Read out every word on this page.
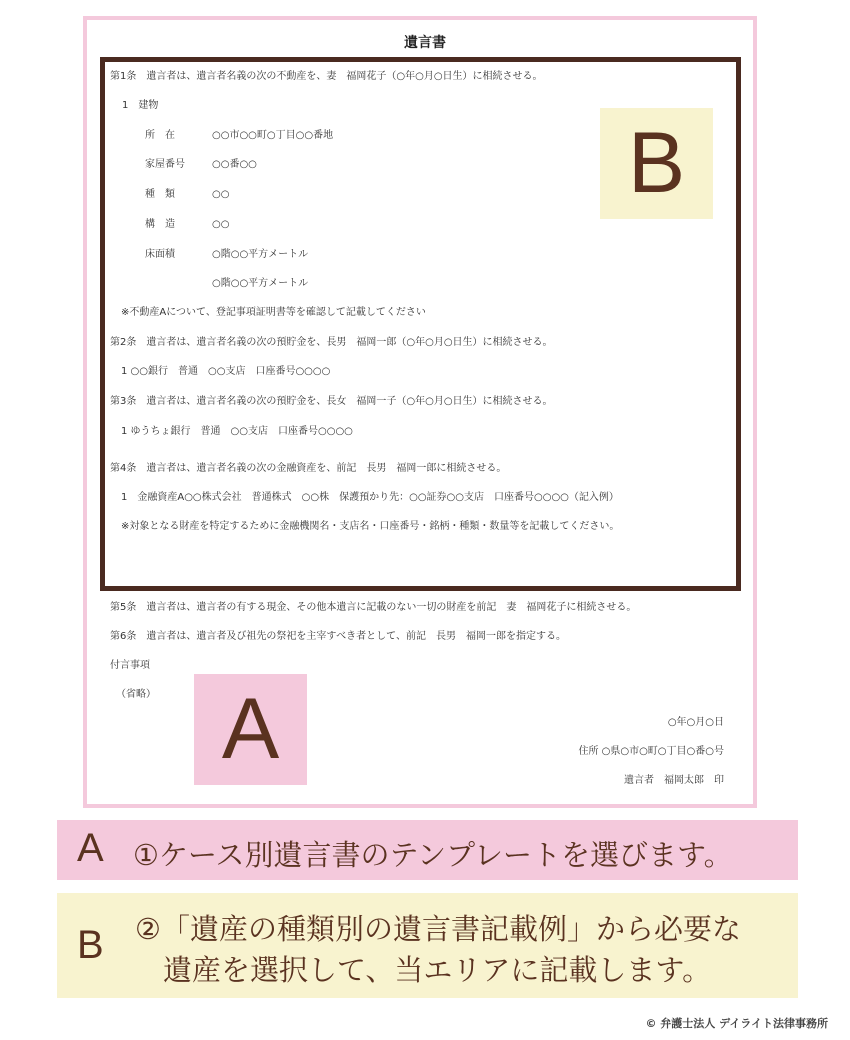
遺言書
第1条　遺言者は、遺言者名義の次の不動産を、妻　福岡花子（○年○月○日生）に相続させる。
1　建物
所　在	○○市○○町○丁目○○番地
家屋番号	○○番○○
種　類	○○
構　造	○○
床面積	○階○○平方メートル
○階○○平方メートル
※不動産Aについて、登記事項証明書等を確認して記載してください
第2条　遺言者は、遺言者名義の次の預貯金を、長男　福岡一郎（○年○月○日生）に相続させる。
1 ○○銀行　普通　○○支店　口座番号○○○○
第3条　遺言者は、遺言者名義の次の預貯金を、長女　福岡一子（○年○月○日生）に相続させる。
1 ゆうちょ銀行　普通　○○支店　口座番号○○○○
第4条　遺言者は、遺言者名義の次の金融資産を、前記　長男　福岡一郎に相続させる。
1　金融資産A○○株式会社　普通株式　○○株　保護預かり先：○○証券○○支店　口座番号○○○○（記入例）
※対象となる財産を特定するために金融機関名・支店名・口座番号・銘柄・種類・数量等を記載してください。
B
第5条　遺言者は、遺言者の有する現金、その他本遺言に記載のない一切の財産を前記　妻　福岡花子に相続させる。
第6条　遺言者は、遺言者及び祖先の祭祀を主宰すべき者として、前記　長男　福岡一郎を指定する。
付言事項
（省略） A	○年○月○日
住所 ○県○市○町○丁目○番○号
遺言者　福岡太郎　印
A ①ケース別遺言書のテンプレートを選びます。
B ②「遺産の種類別の遺言書記載例」から必要な
遺産を選択して、当エリアに記載します。
© 弁護士法人 デイライト法律事務所
